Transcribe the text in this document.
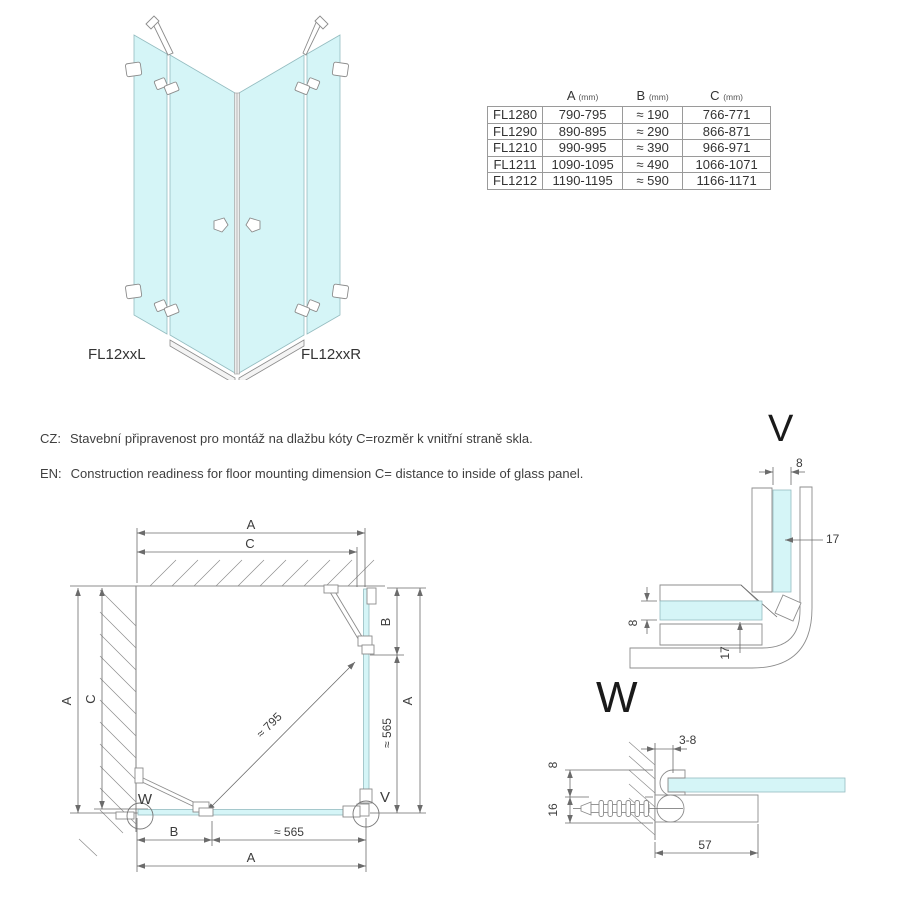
FL12xxL	FL12xxR
	A (mm)	B (mm)	C (mm)
FL1280	790-795	≈ 190	766-771
FL1290	890-895	≈ 290	866-871
FL1210	990-995	≈ 390	966-971
FL1211	1090-1095	≈ 490	1066-1071
FL1212	1190-1195	≈ 590	1166-1171
CZ: Stavební připravenost pro montáž na dlažbu kóty C=rozměr k vnitřní straně skla.
EN: Construction readiness for floor mounting dimension C= distance to inside of glass panel.
A
C
A C
B
≈ 565
A
B	≈ 565
A
≈ 795
W	V
V
8
17
8
17
W
3-8
8
16
57
